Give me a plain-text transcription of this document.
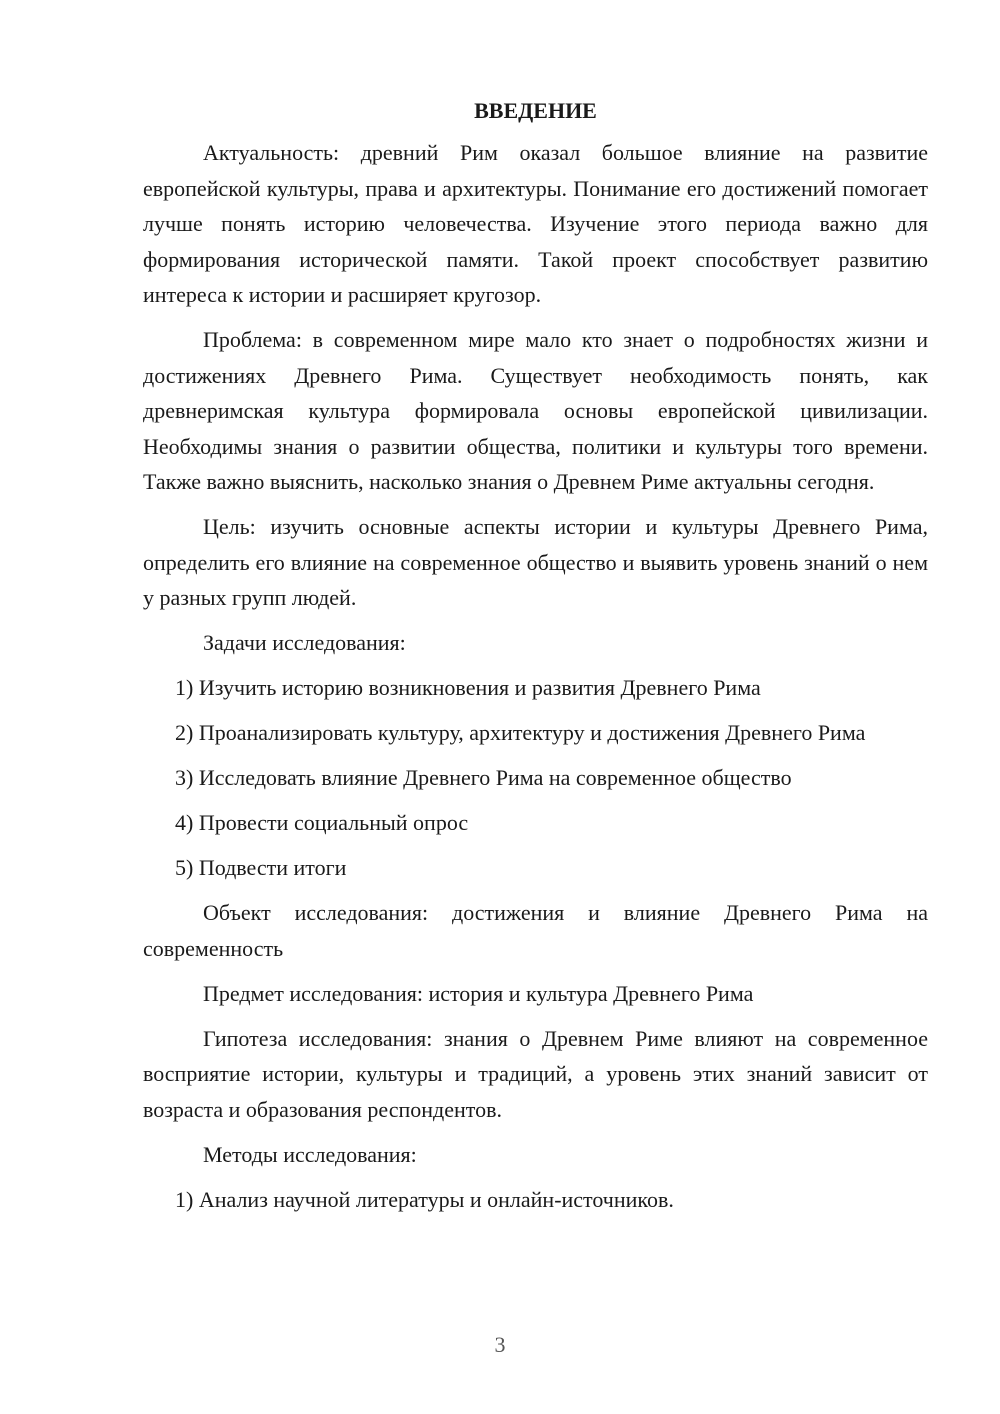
ВВЕДЕНИЕ

Актуальность: древний Рим оказал большое влияние на развитие европейской культуры, права и архитектуры. Понимание его достижений помогает лучше понять историю человечества. Изучение этого периода важно для формирования исторической памяти. Такой проект способствует развитию интереса к истории и расширяет кругозор.

Проблема: в современном мире мало кто знает о подробностях жизни и достижениях Древнего Рима. Существует необходимость понять, как древнеримская культура формировала основы европейской цивилизации. Необходимы знания о развитии общества, политики и культуры того времени. Также важно выяснить, насколько знания о Древнем Риме актуальны сегодня.

Цель: изучить основные аспекты истории и культуры Древнего Рима, определить его влияние на современное общество и выявить уровень знаний о нем у разных групп людей.

Задачи исследования:

1) Изучить историю возникновения и развития Древнего Рима

2) Проанализировать культуру, архитектуру и достижения Древнего Рима

3) Исследовать влияние Древнего Рима на современное общество

4) Провести социальный опрос

5) Подвести итоги

Объект исследования: достижения и влияние Древнего Рима на современность

Предмет исследования: история и культура Древнего Рима

Гипотеза исследования: знания о Древнем Риме влияют на современное восприятие истории, культуры и традиций, а уровень этих знаний зависит от возраста и образования респондентов.

Методы исследования:

1) Анализ научной литературы и онлайн-источников.

3
